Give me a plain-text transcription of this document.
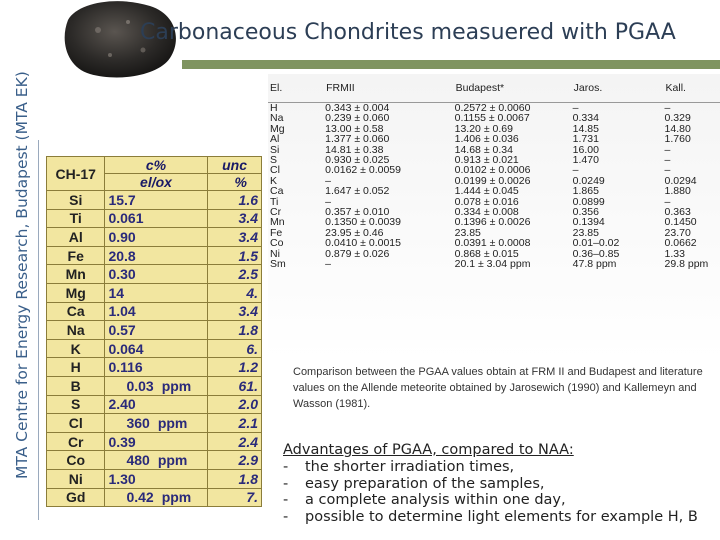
MTA Centre for Energy Research, Budapest (MTA EK)
Carbonaceous Chondrites measuered with PGAA
CH-17	c%	unc
	el/ox	%
Si	15.7	1.6
Ti	0.061	3.4
Al	0.90	3.4
Fe	20.8	1.5
Mn	0.30	2.5
Mg	14	4.
Ca	1.04	3.4
Na	0.57	1.8
K	0.064	6.
H	0.116	1.2
B	0.03 ppm	61.
S	2.40	2.0
Cl	360 ppm	2.1
Cr	0.39	2.4
Co	480 ppm	2.9
Ni	1.30	1.8
Gd	0.42 ppm	7.
El.	FRMII	Budapest*	Jaros.	Kall.
H	0.343 ± 0.004	0.2572 ± 0.0060	–	–
Na	0.239 ± 0.060	0.1155 ± 0.0067	0.334	0.329
Mg	13.00 ± 0.58	13.20 ± 0.69	14.85	14.80
Al	1.377 ± 0.060	1.406 ± 0.036	1.731	1.760
Si	14.81 ± 0.38	14.68 ± 0.34	16.00	–
S	0.930 ± 0.025	0.913 ± 0.021	1.470	–
Cl	0.0162 ± 0.0059	0.0102 ± 0.0006	–	–
K	–	0.0199 ± 0.0026	0.0249	0.0294
Ca	1.647 ± 0.052	1.444 ± 0.045	1.865	1.880
Ti	–	0.078 ± 0.016	0.0899	–
Cr	0.357 ± 0.010	0.334 ± 0.008	0.356	0.363
Mn	0.1350 ± 0.0039	0.1396 ± 0.0026	0.1394	0.1450
Fe	23.95 ± 0.46	23.85	23.85	23.70
Co	0.0410 ± 0.0015	0.0391 ± 0.0008	0.01–0.02	0.0662
Ni	0.879 ± 0.026	0.868 ± 0.015	0.36–0.85	1.33
Sm	–	20.1 ± 3.04 ppm	47.8 ppm	29.8 ppm
Comparison between the PGAA values obtain at FRM II and Budapest and literature values on the Allende meteorite obtained by Jarosewich (1990) and Kallemeyn and Wasson (1981).
Advantages of PGAA, compared to NAA:
- the shorter irradiation times,
- easy preparation of the samples,
- a complete analysis within one day,
- possible to determine light elements for example H, B
